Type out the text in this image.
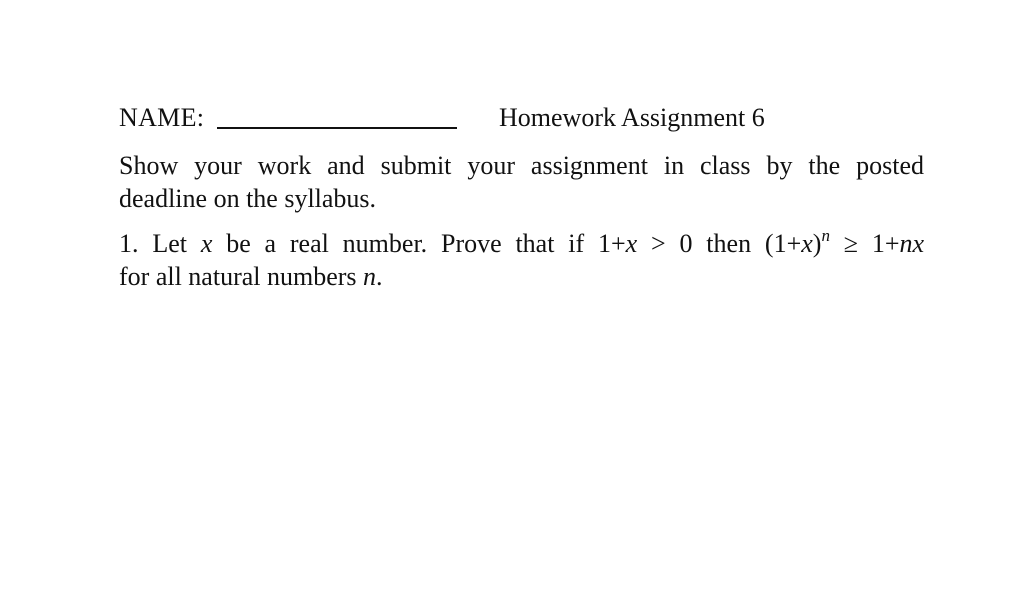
NAME:	Homework Assignment 6
Show your work and submit your assignment in class by the posted
deadline on the syllabus.
1. Let x be a real number. Prove that if 1+x > 0 then $(1+x)^n \ge 1+nx$
for all natural numbers n.
